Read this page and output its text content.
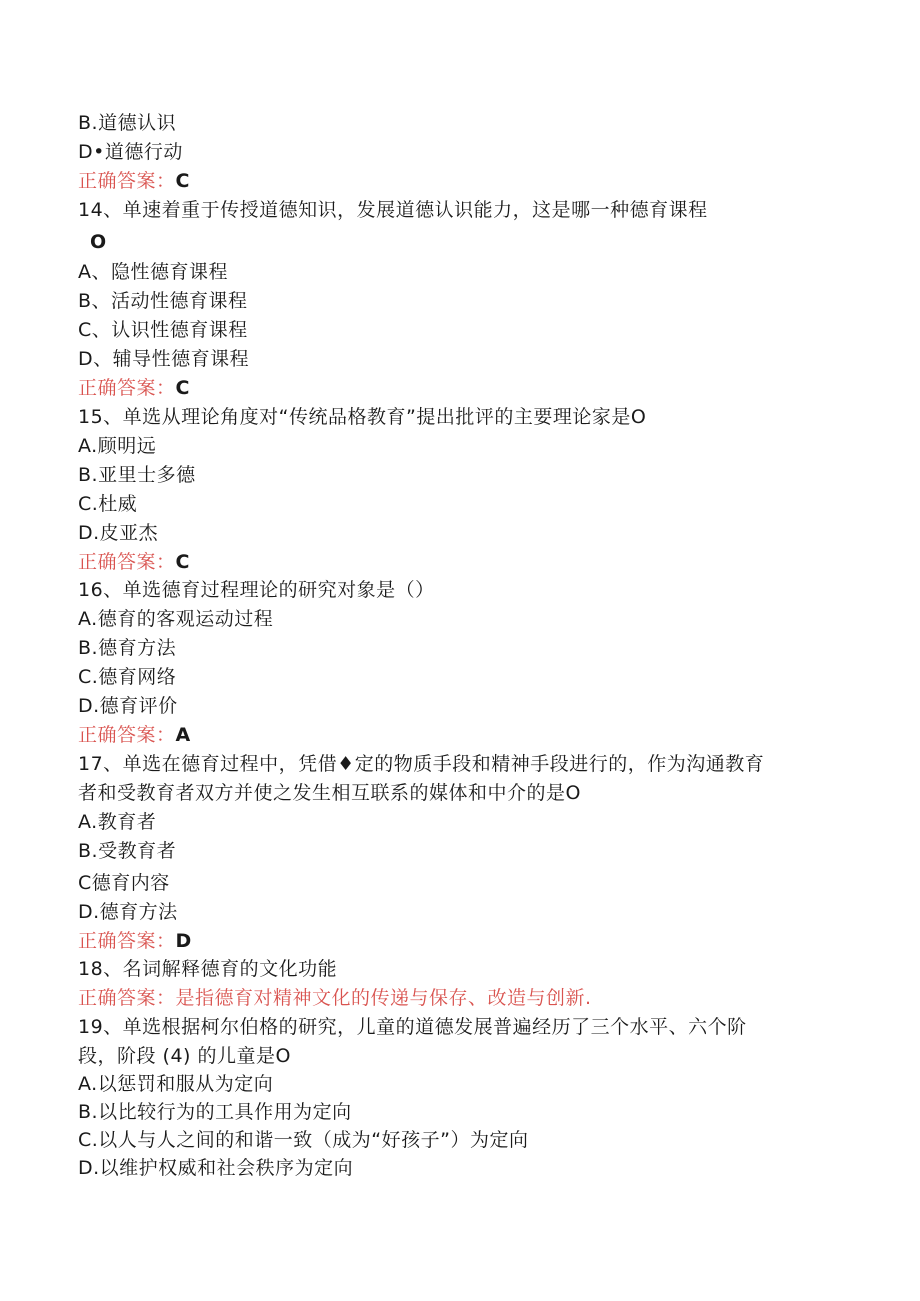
B.道德认识
D•道德行动
正确答案：C
14、单速着重于传授道德知识，发展道德认识能力，这是哪一种德育课程
O
A、隐性德育课程
B、活动性德育课程
C、认识性德育课程
D、辅导性德育课程
正确答案：C
15、单选从理论角度对“传统品格教育”提出批评的主要理论家是O
A.顾明远
B.亚里士多德
C.杜威
D.皮亚杰
正确答案：C
16、单选德育过程理论的研究对象是（）
A.德育的客观运动过程
B.德育方法
C.德育网络
D.德育评价
正确答案：A
17、单选在德育过程中，凭借♦定的物质手段和精神手段进行的，作为沟通教育
者和受教育者双方并使之发生相互联系的媒体和中介的是O
A.教育者
B.受教育者
C德育内容
D.德育方法
正确答案：D
18、名词解释德育的文化功能
正确答案：是指德育对精神文化的传递与保存、改造与创新.
19、单选根据柯尔伯格的研究，儿童的道德发展普遍经历了三个水平、六个阶
段，阶段 (4) 的儿童是O
A.以惩罚和服从为定向
B.以比较行为的工具作用为定向
C.以人与人之间的和谐一致（成为“好孩子”）为定向
D.以维护权威和社会秩序为定向
